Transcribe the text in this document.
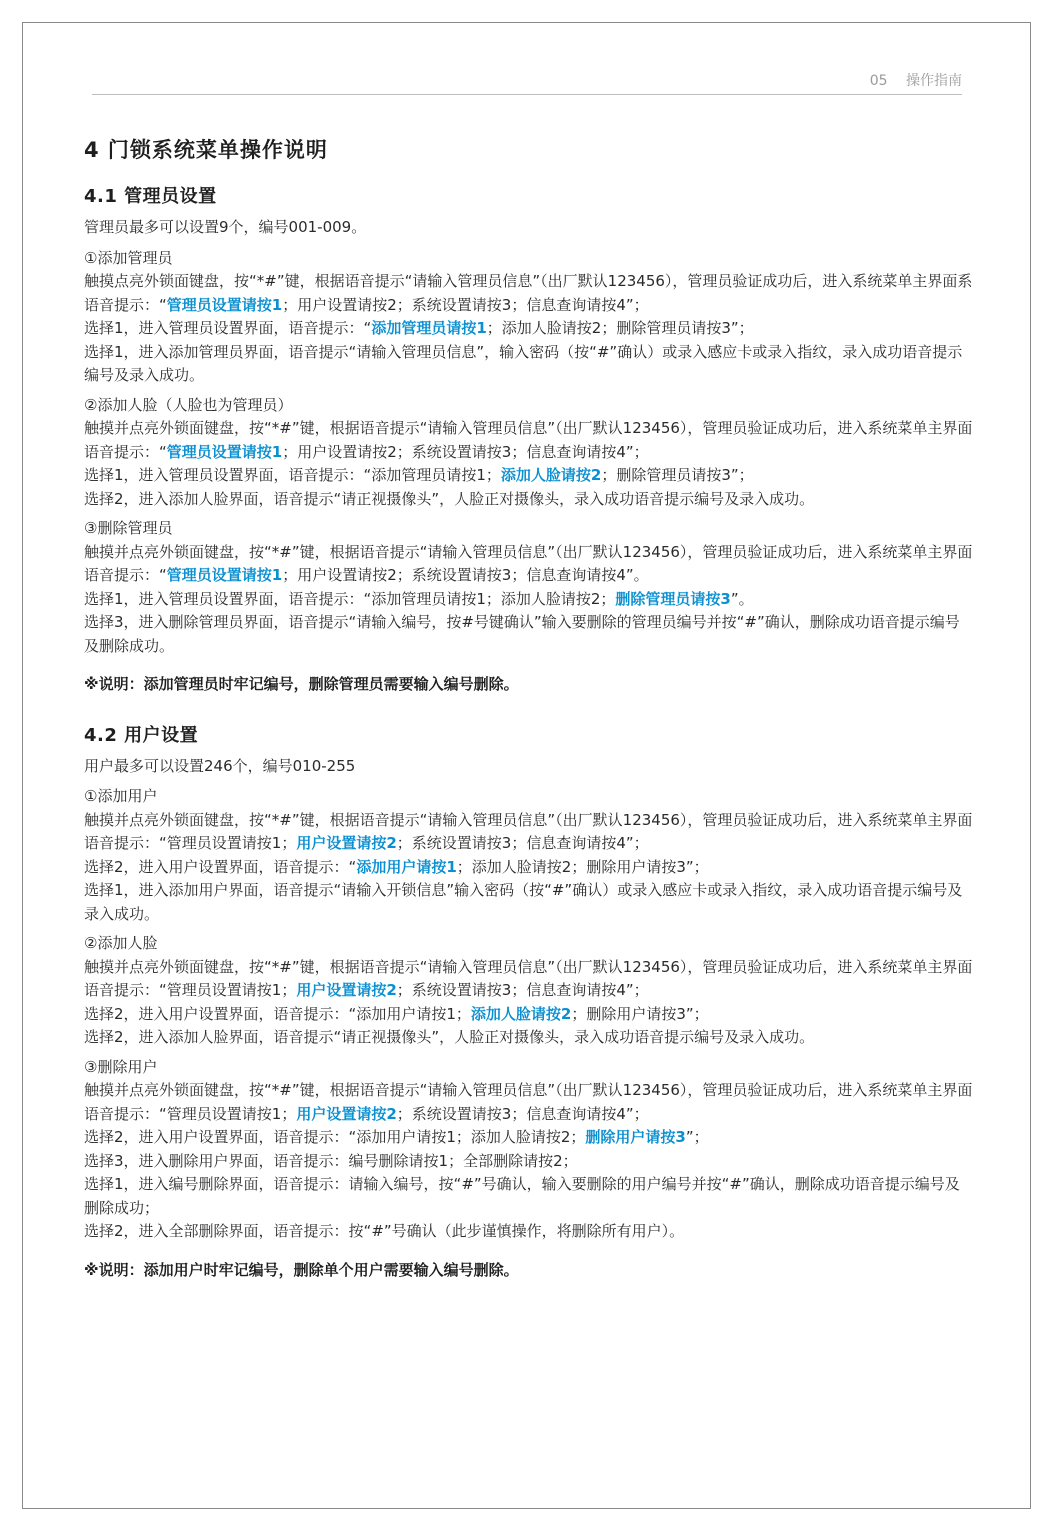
05 操作指南
4 门锁系统菜单操作说明
4.1 管理员设置

管理员最多可以设置9个，编号001-009。

①添加管理员

触摸点亮外锁面键盘，按“*#”键，根据语音提示“请输入管理员信息”（出厂默认123456），管理员验证成功后，进入系统菜单主界面系语音提示：“管理员设置请按1；用户设置请按2；系统设置请按3；信息查询请按4”；

选择1，进入管理员设置界面，语音提示：“添加管理员请按1；添加人脸请按2；删除管理员请按3”；

选择1，进入添加管理员界面，语音提示“请输入管理员信息”，输入密码（按“#”确认）或录入感应卡或录入指纹，录入成功语音提示编号及录入成功。

②添加人脸（人脸也为管理员）

触摸并点亮外锁面键盘，按“*#”键，根据语音提示“请输入管理员信息”（出厂默认123456），管理员验证成功后，进入系统菜单主界面语音提示：“管理员设置请按1；用户设置请按2；系统设置请按3；信息查询请按4”；

选择1，进入管理员设置界面，语音提示：“添加管理员请按1；添加人脸请按2；删除管理员请按3”；

选择2，进入添加人脸界面，语音提示“请正视摄像头”，人脸正对摄像头，录入成功语音提示编号及录入成功。

③删除管理员

触摸并点亮外锁面键盘，按“*#”键，根据语音提示“请输入管理员信息”（出厂默认123456），管理员验证成功后，进入系统菜单主界面语音提示：“管理员设置请按1；用户设置请按2；系统设置请按3；信息查询请按4”。

选择1，进入管理员设置界面，语音提示：“添加管理员请按1；添加人脸请按2；删除管理员请按3”。

选择3，进入删除管理员界面，语音提示“请输入编号，按#号键确认”输入要删除的管理员编号并按“#”确认，删除成功语音提示编号及删除成功。

※说明：添加管理员时牢记编号，删除管理员需要输入编号删除。

4.2 用户设置

用户最多可以设置246个，编号010-255

①添加用户

触摸并点亮外锁面键盘，按“*#”键，根据语音提示“请输入管理员信息”（出厂默认123456），管理员验证成功后，进入系统菜单主界面语音提示：“管理员设置请按1；用户设置请按2；系统设置请按3；信息查询请按4”；

选择2，进入用户设置界面，语音提示：“添加用户请按1；添加人脸请按2；删除用户请按3”；

选择1，进入添加用户界面，语音提示“请输入开锁信息”输入密码（按“#”确认）或录入感应卡或录入指纹，录入成功语音提示编号及录入成功。

②添加人脸

触摸并点亮外锁面键盘，按“*#”键，根据语音提示“请输入管理员信息”（出厂默认123456），管理员验证成功后，进入系统菜单主界面语音提示：“管理员设置请按1；用户设置请按2；系统设置请按3；信息查询请按4”；

选择2，进入用户设置界面，语音提示：“添加用户请按1；添加人脸请按2；删除用户请按3”；

选择2，进入添加人脸界面，语音提示“请正视摄像头”，人脸正对摄像头，录入成功语音提示编号及录入成功。

③删除用户

触摸并点亮外锁面键盘，按“*#”键，根据语音提示“请输入管理员信息”（出厂默认123456），管理员验证成功后，进入系统菜单主界面语音提示：“管理员设置请按1；用户设置请按2；系统设置请按3；信息查询请按4”；

选择2，进入用户设置界面，语音提示：“添加用户请按1；添加人脸请按2；删除用户请按3”；

选择3，进入删除用户界面，语音提示：编号删除请按1；全部删除请按2；

选择1，进入编号删除界面，语音提示：请输入编号，按“#”号确认，输入要删除的用户编号并按“#”确认，删除成功语音提示编号及删除成功；

选择2，进入全部删除界面，语音提示：按“#”号确认（此步谨慎操作，将删除所有用户）。

※说明：添加用户时牢记编号，删除单个用户需要输入编号删除。
